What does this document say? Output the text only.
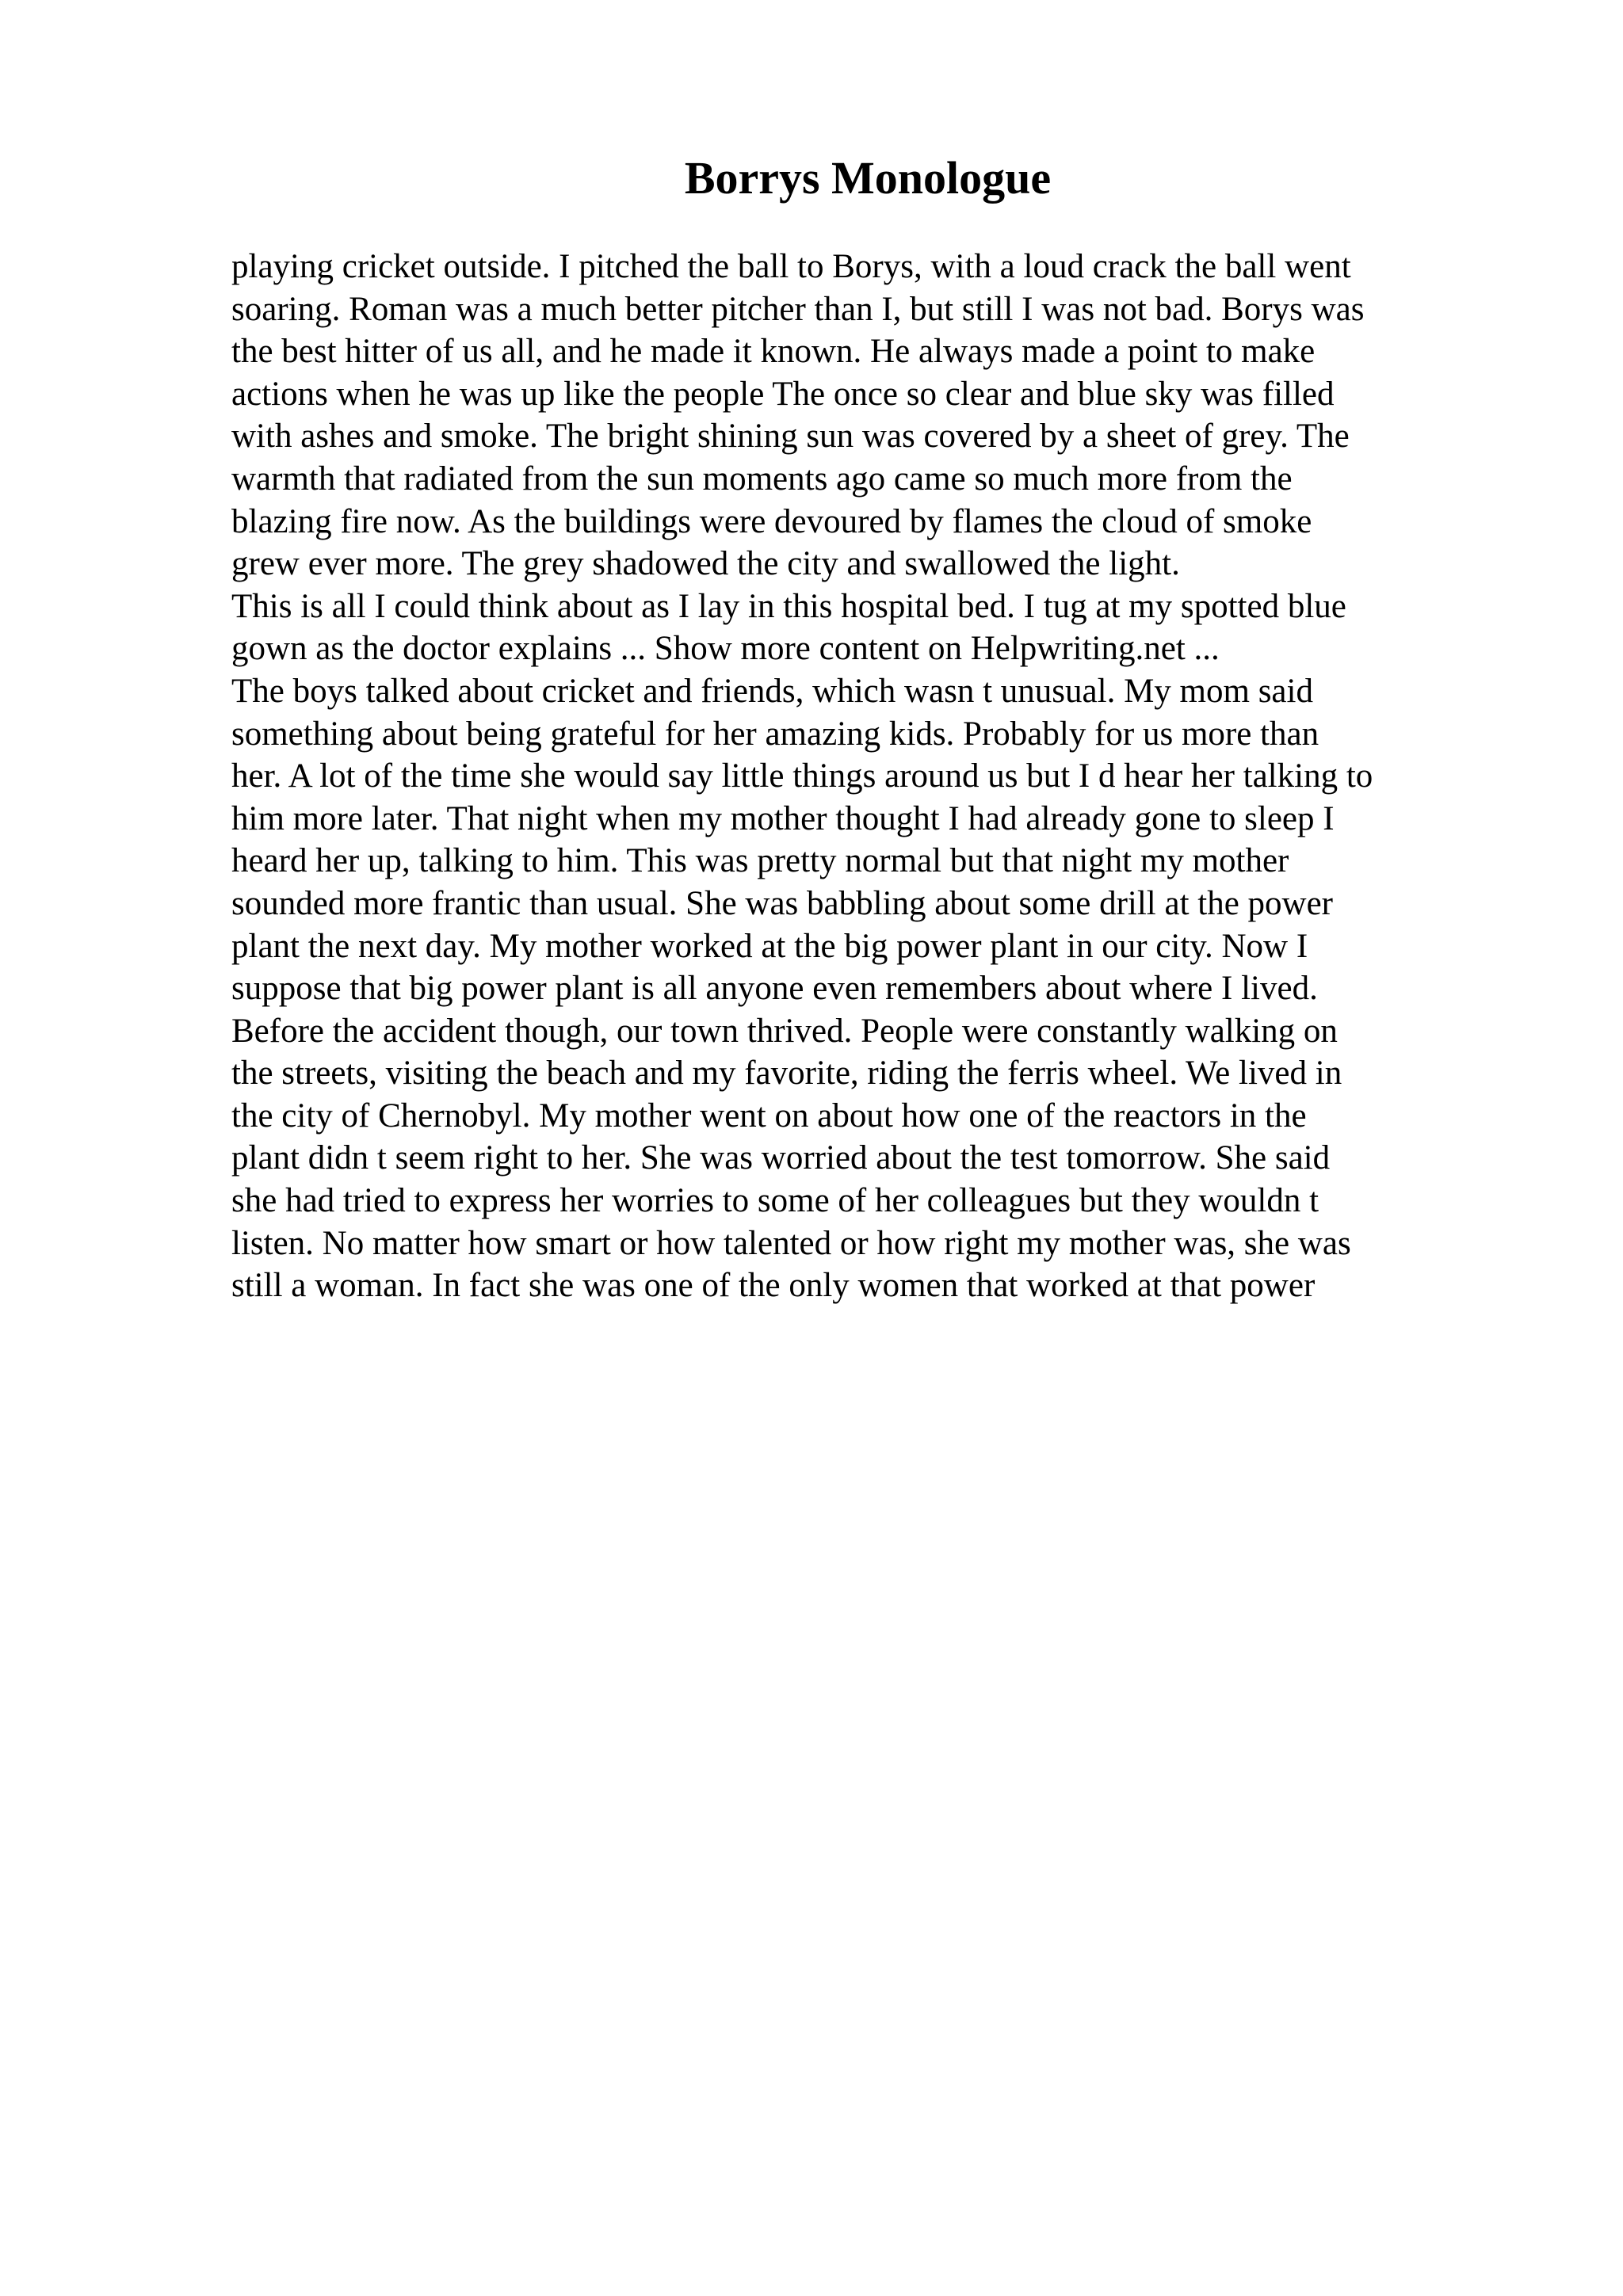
Borrys Monologue
playing cricket outside. I pitched the ball to Borys, with a loud crack the ball went
soaring. Roman was a much better pitcher than I, but still I was not bad. Borys was
the best hitter of us all, and he made it known. He always made a point to make
actions when he was up like the people The once so clear and blue sky was filled
with ashes and smoke. The bright shining sun was covered by a sheet of grey. The
warmth that radiated from the sun moments ago came so much more from the
blazing fire now. As the buildings were devoured by flames the cloud of smoke
grew ever more. The grey shadowed the city and swallowed the light.
This is all I could think about as I lay in this hospital bed. I tug at my spotted blue
gown as the doctor explains ... Show more content on Helpwriting.net ...
The boys talked about cricket and friends, which wasn t unusual. My mom said
something about being grateful for her amazing kids. Probably for us more than
her. A lot of the time she would say little things around us but I d hear her talking to
him more later. That night when my mother thought I had already gone to sleep I
heard her up, talking to him. This was pretty normal but that night my mother
sounded more frantic than usual. She was babbling about some drill at the power
plant the next day. My mother worked at the big power plant in our city. Now I
suppose that big power plant is all anyone even remembers about where I lived.
Before the accident though, our town thrived. People were constantly walking on
the streets, visiting the beach and my favorite, riding the ferris wheel. We lived in
the city of Chernobyl. My mother went on about how one of the reactors in the
plant didn t seem right to her. She was worried about the test tomorrow. She said
she had tried to express her worries to some of her colleagues but they wouldn t
listen. No matter how smart or how talented or how right my mother was, she was
still a woman. In fact she was one of the only women that worked at that power
